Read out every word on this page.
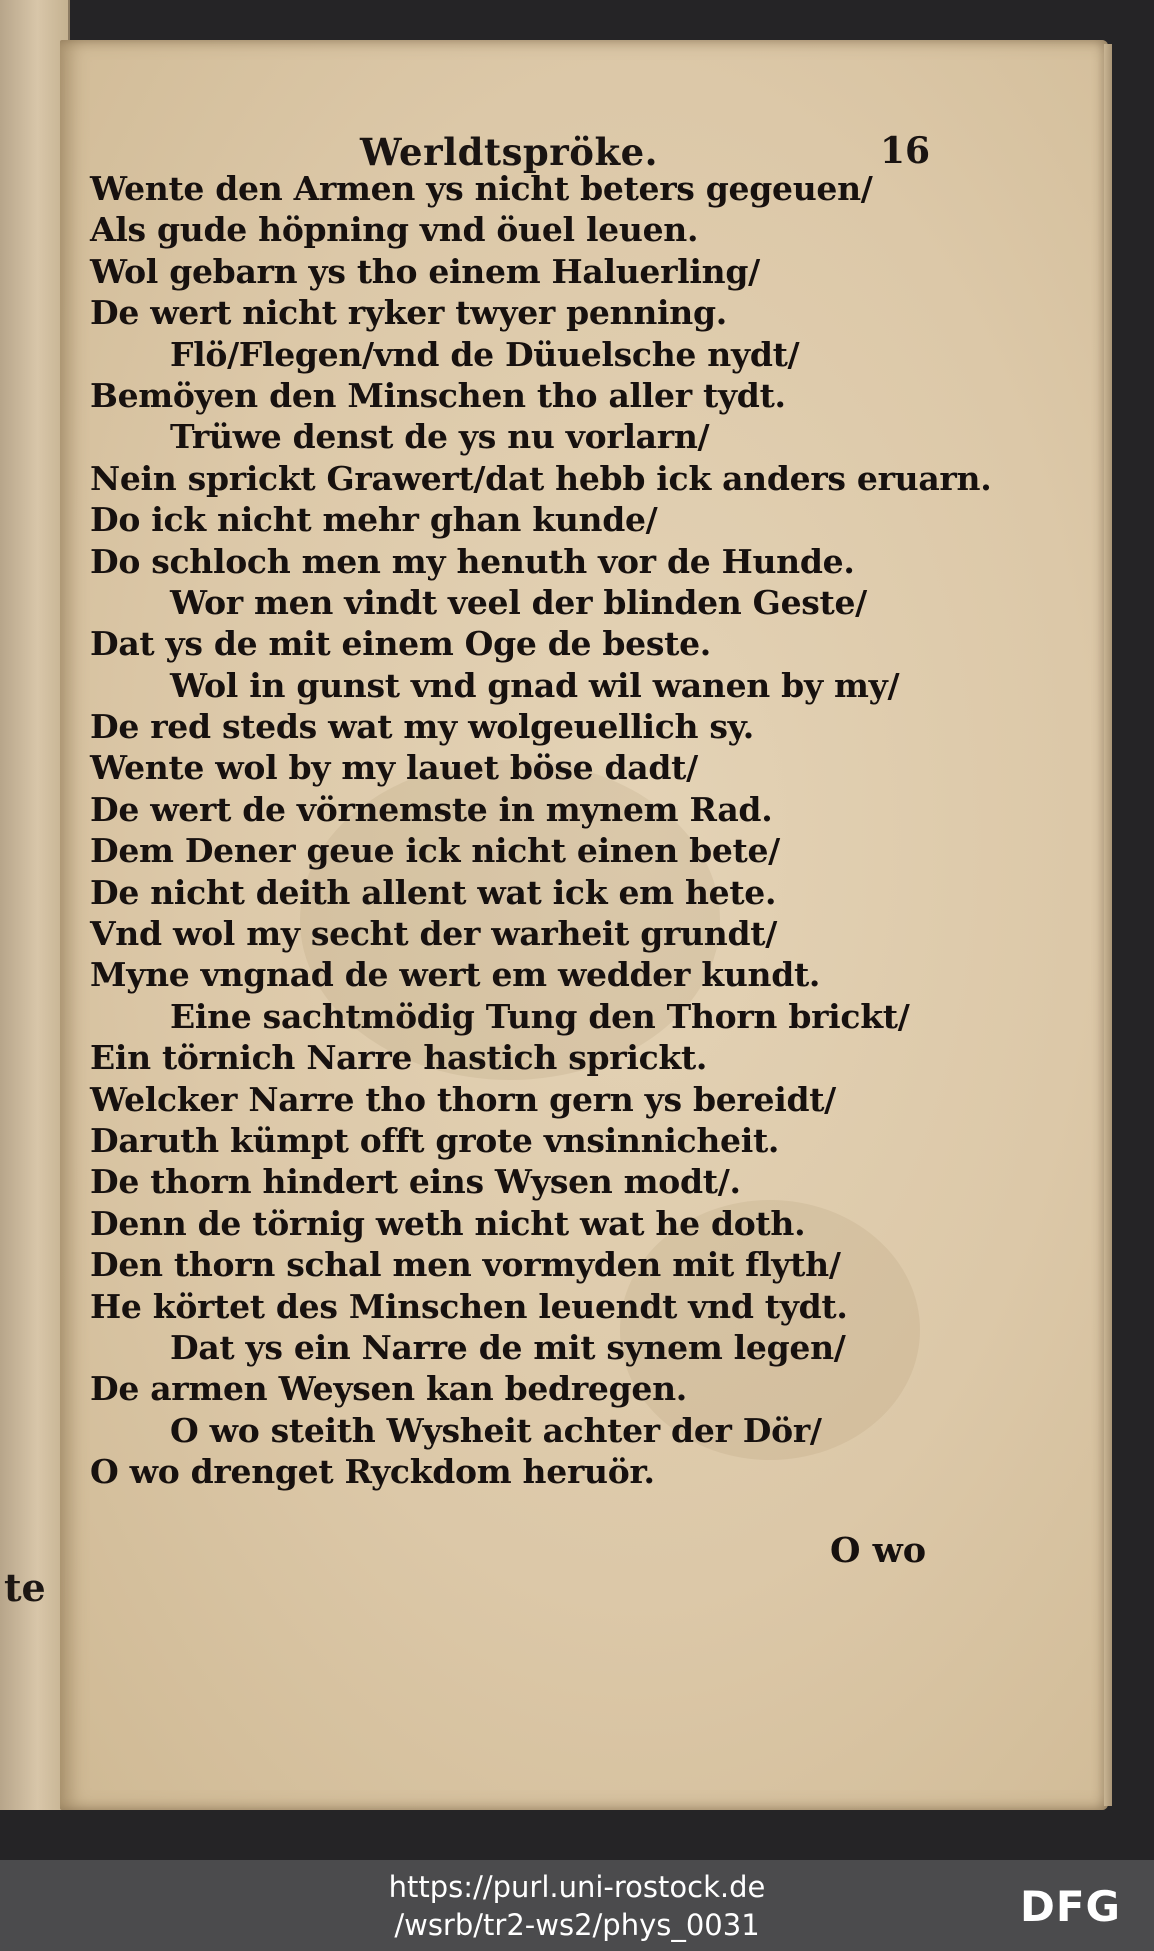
te
Werldtspröke.	16
Wente den Armen ys nicht beters gegeuen/
Als gude höpning vnd öuel leuen.
Wol gebarn ys tho einem Haluerling/
De wert nicht ryker twyer penning.
Flö/Flegen/vnd de Düuelsche nydt/
Bemöyen den Minschen tho aller tydt.
Trüwe denst de ys nu vorlarn/
Nein sprickt Grawert/dat hebb ick anders eruarn.
Do ick nicht mehr ghan kunde/
Do schloch men my henuth vor de Hunde.
Wor men vindt veel der blinden Geste/
Dat ys de mit einem Oge de beste.
Wol in gunst vnd gnad wil wanen by my/
De red steds wat my wolgeuellich sy.
Wente wol by my lauet böse dadt/
De wert de vörnemste in mynem Rad.
Dem Dener geue ick nicht einen bete/
De nicht deith allent wat ick em hete.
Vnd wol my secht der warheit grundt/
Myne vngnad de wert em wedder kundt.
Eine sachtmödig Tung den Thorn brickt/
Ein törnich Narre hastich sprickt.
Welcker Narre tho thorn gern ys bereidt/
Daruth kümpt offt grote vnsinnicheit.
De thorn hindert eins Wysen modt/.
Denn de törnig weth nicht wat he doth.
Den thorn schal men vormyden mit flyth/
He körtet des Minschen leuendt vnd tydt.
Dat ys ein Narre de mit synem legen/
De armen Weysen kan bedregen.
O wo steith Wysheit achter der Dör/
O wo drenget Ryckdom heruör.
O wo
https://purl.uni-rostock.de
/wsrb/tr2-ws2/phys_0031	DFG
